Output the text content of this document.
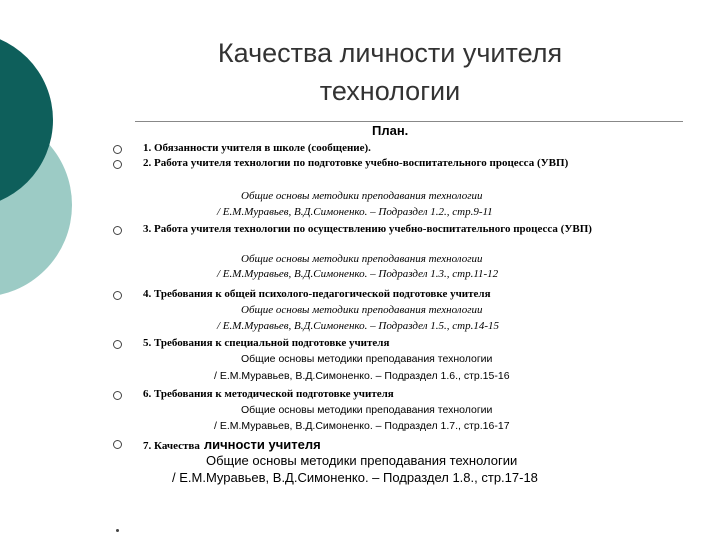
Качества личности учителя
технологии
План.
1. Обязанности учителя в школе (сообщение).
2. Работа учителя технологии по подготовке учебно-воспитательного процесса (УВП)
Общие основы методики преподавания технологии
/ Е.М.Муравьев, В.Д.Симоненко. – Подраздел 1.2., стр.9-11
3. Работа учителя технологии по осуществлению учебно-воспитательного процесса (УВП)
Общие основы методики преподавания технологии
/ Е.М.Муравьев, В.Д.Симоненко. – Подраздел 1.3., стр.11-12
4. Требования к общей психолого-педагогической подготовке учителя
Общие основы методики преподавания технологии
/ Е.М.Муравьев, В.Д.Симоненко. – Подраздел 1.5., стр.14-15
5. Требования к специальной подготовке учителя
Общие основы методики преподавания технологии
/ Е.М.Муравьев, В.Д.Симоненко. – Подраздел 1.6., стр.15-16
6. Требования к методической подготовке учителя
Общие основы методики преподавания технологии
/ Е.М.Муравьев, В.Д.Симоненко. – Подраздел 1.7., стр.16-17
7. Качества личности учителя
Общие основы методики преподавания технологии
/ Е.М.Муравьев, В.Д.Симоненко. – Подраздел 1.8., стр.17-18
